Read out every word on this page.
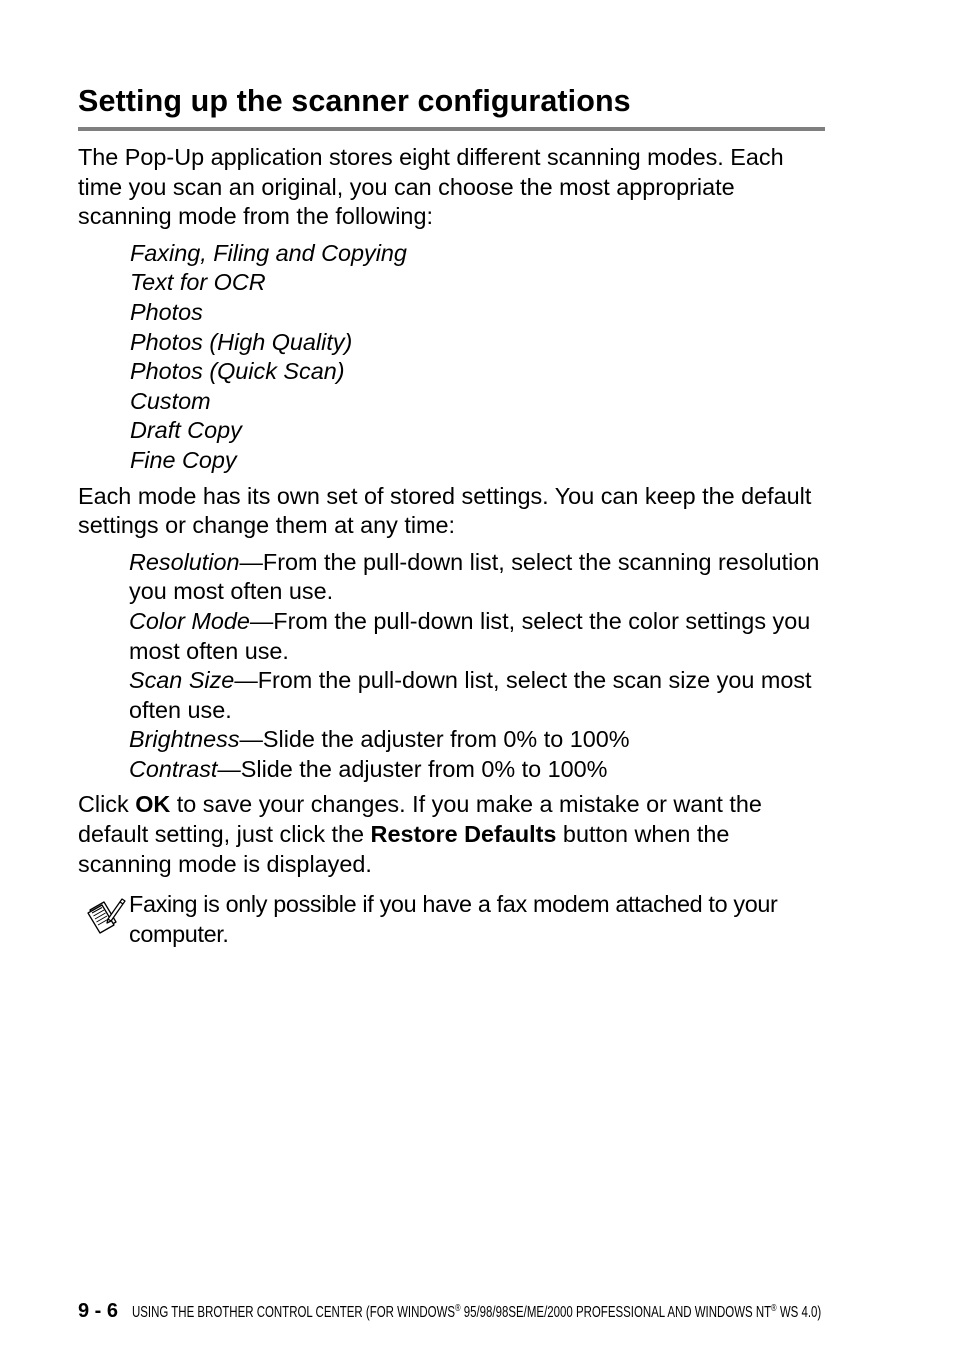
Setting up the scanner configurations

The Pop-Up application stores eight different scanning modes. Each time you scan an original, you can choose the most appropriate scanning mode from the following:

Faxing, Filing and Copying
Text for OCR
Photos
Photos (High Quality)
Photos (Quick Scan)
Custom
Draft Copy
Fine Copy

Each mode has its own set of stored settings. You can keep the default settings or change them at any time:

Resolution—From the pull-down list, select the scanning resolution you most often use.
Color Mode—From the pull-down list, select the color settings you most often use.
Scan Size—From the pull-down list, select the scan size you most often use.
Brightness—Slide the adjuster from 0% to 100%
Contrast—Slide the adjuster from 0% to 100%

Click OK to save your changes. If you make a mistake or want the default setting, just click the Restore Defaults button when the scanning mode is displayed.

Faxing is only possible if you have a fax modem attached to your computer.

9 - 6 USING THE BROTHER CONTROL CENTER (FOR WINDOWS® 95/98/98SE/ME/2000 PROFESSIONAL AND WINDOWS NT® WS 4.0)
